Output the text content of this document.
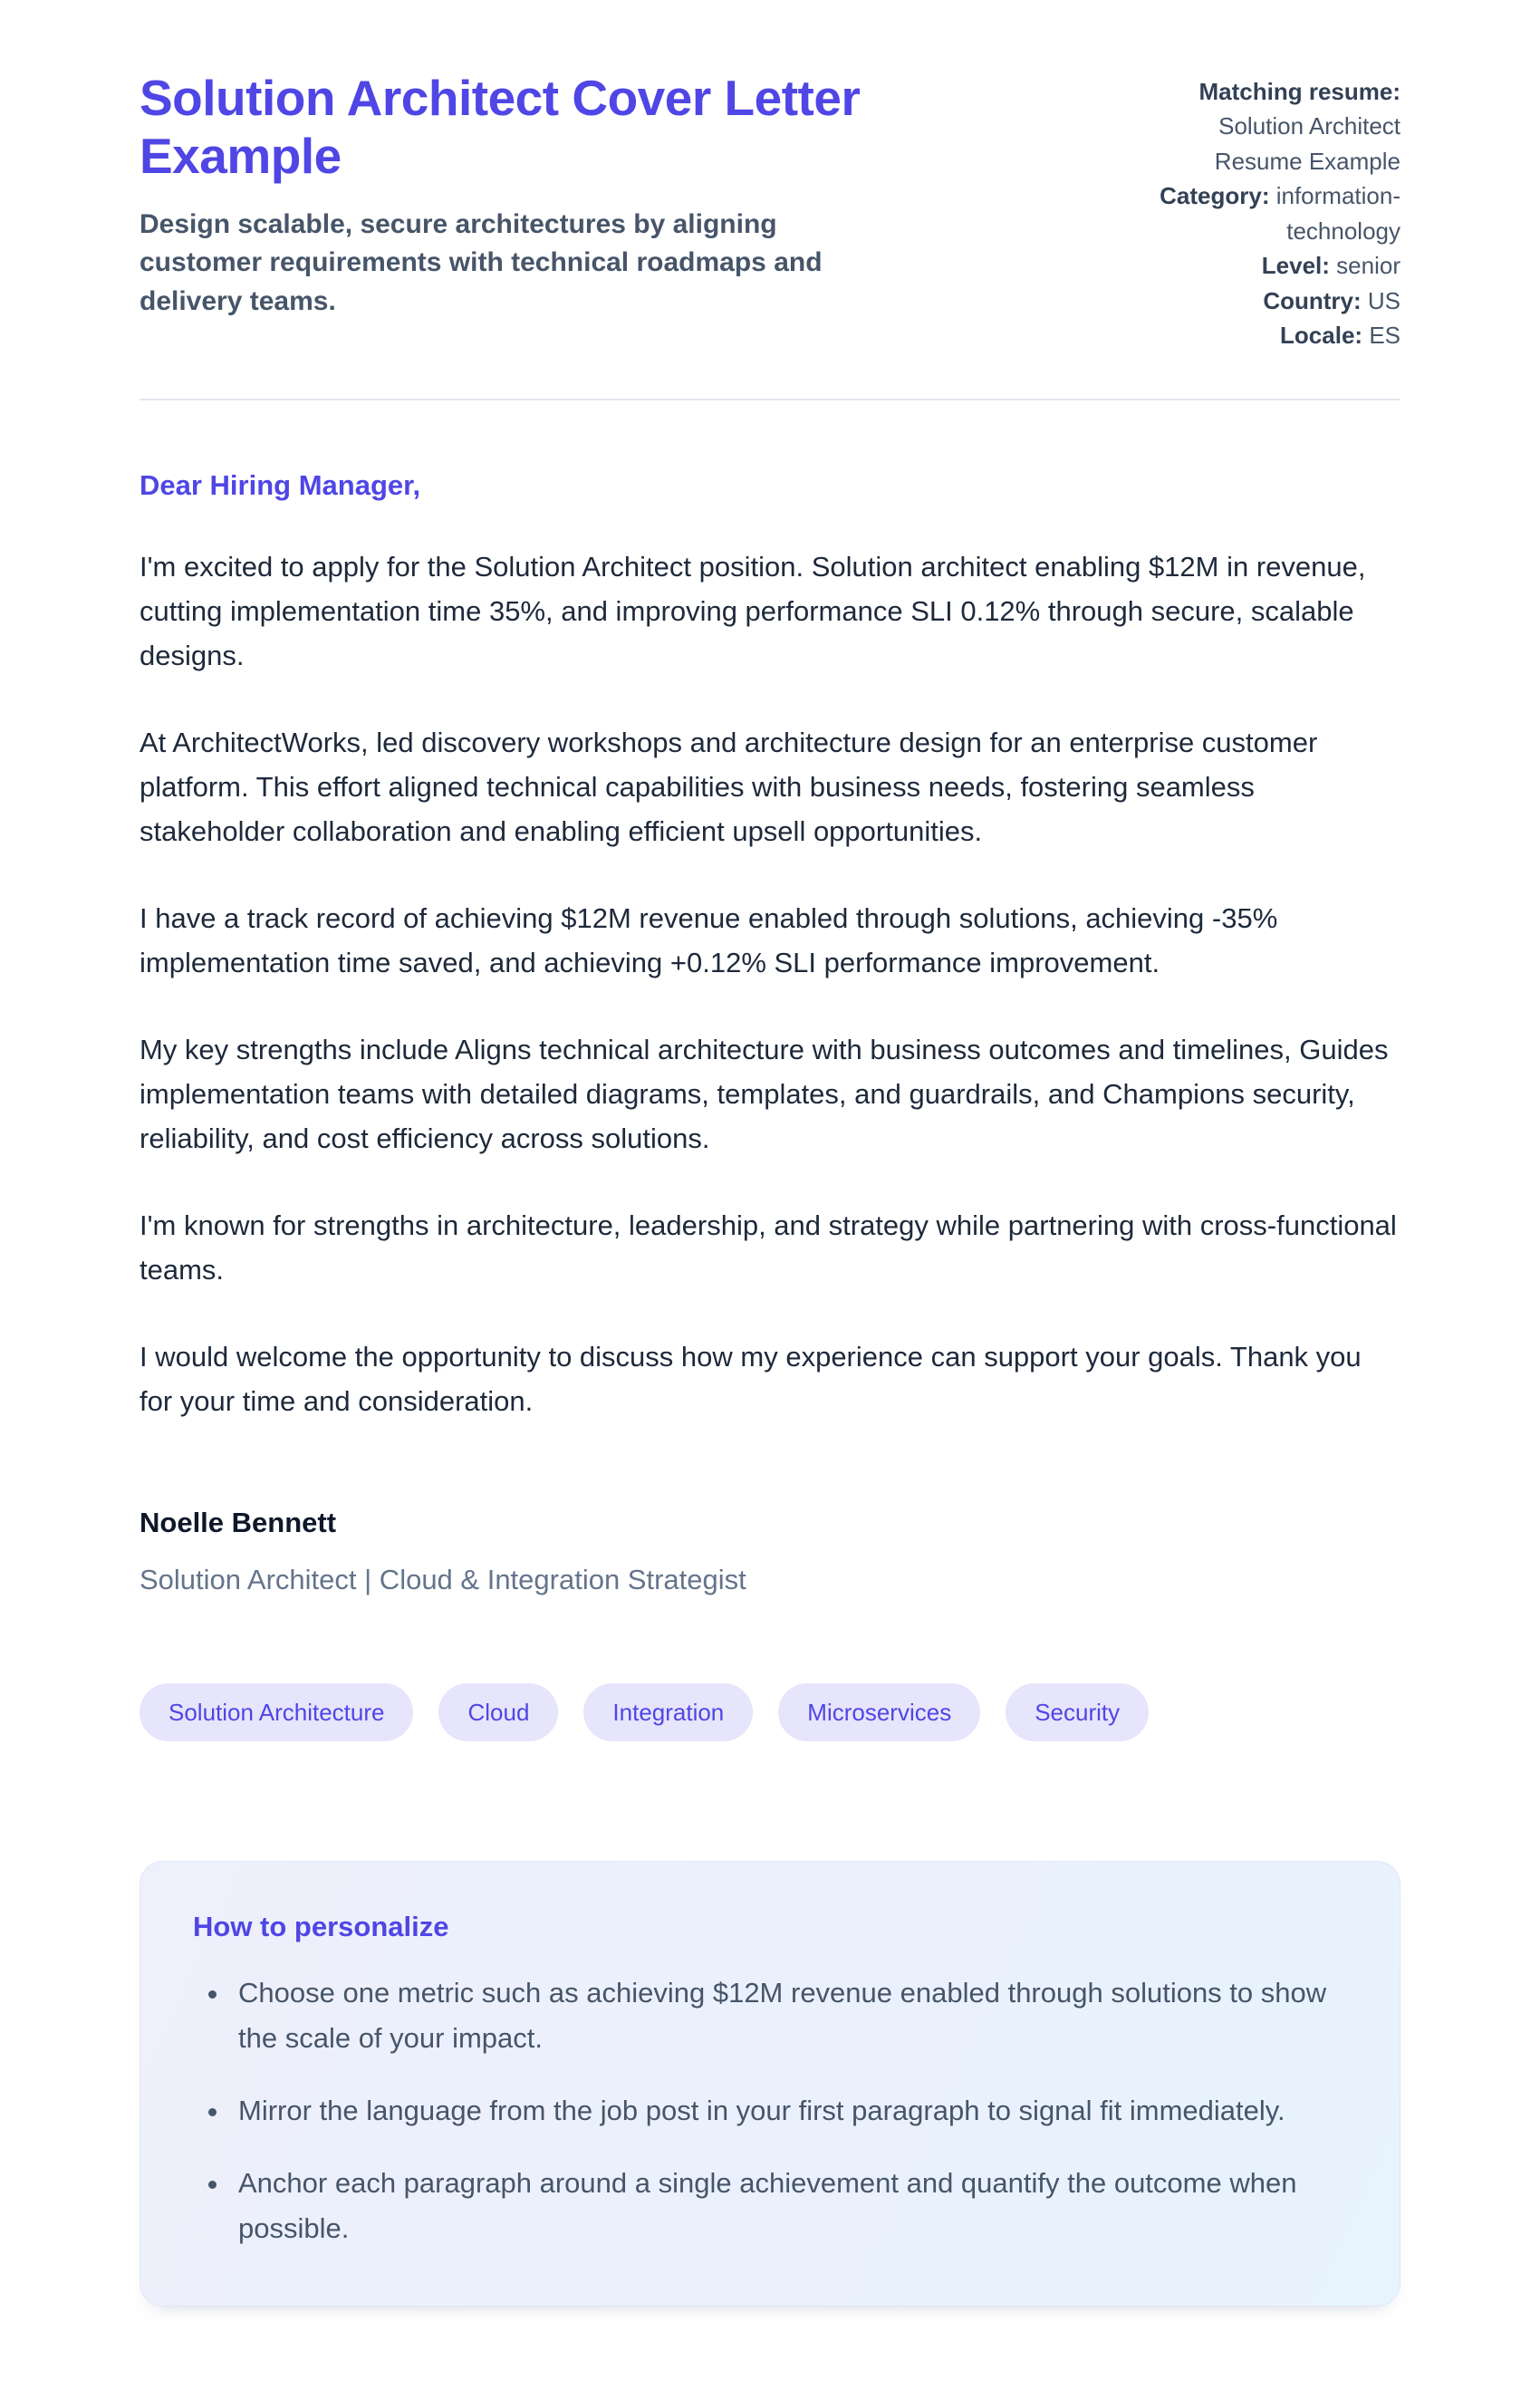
Solution Architect Cover Letter Example

Design scalable, secure architectures by aligning customer requirements with technical roadmaps and delivery teams.

Matching resume: Solution Architect Resume Example
Category: information-technology
Level: senior
Country: US
Locale: ES

Dear Hiring Manager,

I'm excited to apply for the Solution Architect position. Solution architect enabling $12M in revenue, cutting implementation time 35%, and improving performance SLI 0.12% through secure, scalable designs.

At ArchitectWorks, led discovery workshops and architecture design for an enterprise customer platform. This effort aligned technical capabilities with business needs, fostering seamless stakeholder collaboration and enabling efficient upsell opportunities.

I have a track record of achieving $12M revenue enabled through solutions, achieving -35% implementation time saved, and achieving +0.12% SLI performance improvement.

My key strengths include Aligns technical architecture with business outcomes and timelines, Guides implementation teams with detailed diagrams, templates, and guardrails, and Champions security, reliability, and cost efficiency across solutions.

I'm known for strengths in architecture, leadership, and strategy while partnering with cross-functional teams.

I would welcome the opportunity to discuss how my experience can support your goals. Thank you for your time and consideration.

Noelle Bennett

Solution Architect | Cloud & Integration Strategist

Solution Architecture	Cloud	Integration	Microservices	Security
How to personalize
• Choose one metric such as achieving $12M revenue enabled through solutions to show the scale of your impact.
• Mirror the language from the job post in your first paragraph to signal fit immediately.
• Anchor each paragraph around a single achievement and quantify the outcome when possible.
